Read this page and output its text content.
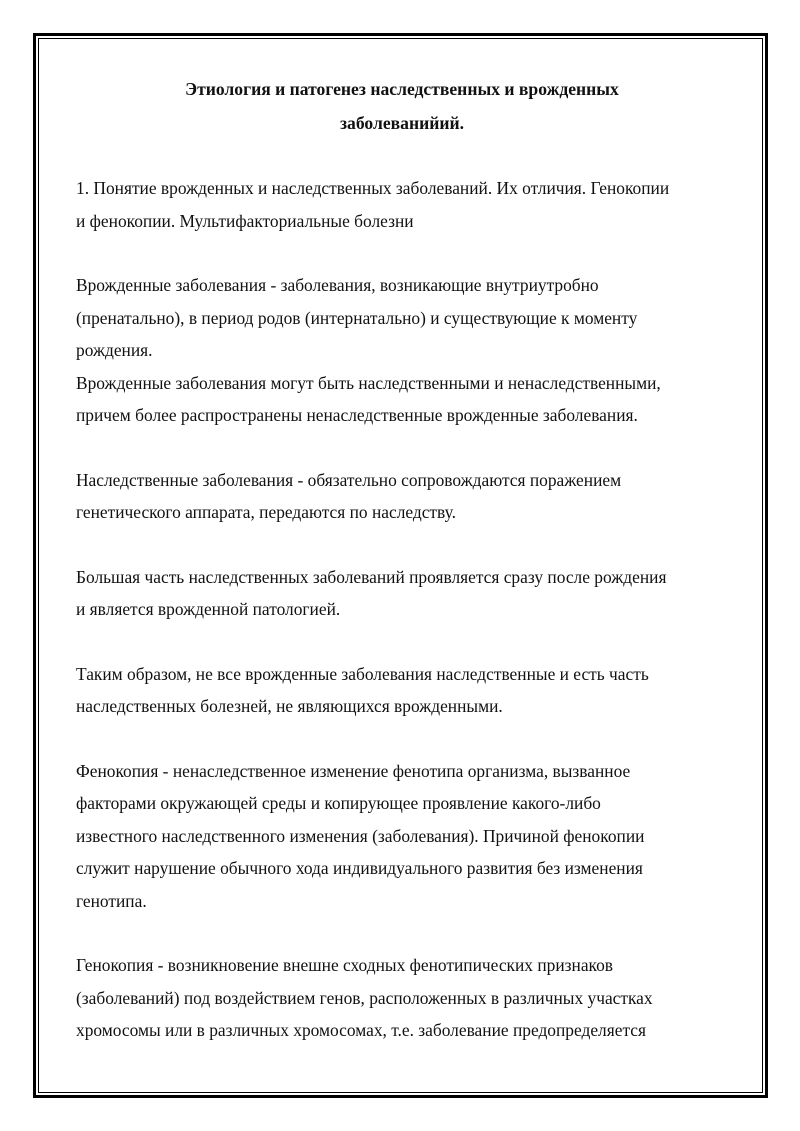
Этиология и патогенез наследственных и врожденных
заболеванийий.
1. Понятие врожденных и наследственных заболеваний. Их отличия. Генокопии
и фенокопии. Мультифакториальные болезни
Врожденные заболевания - заболевания, возникающие внутриутробно
(пренатально), в период родов (интернатально) и существующие к моменту
рождения.
Врожденные заболевания могут быть наследственными и ненаследственными,
причем более распространены ненаследственные врожденные заболевания.
Наследственные заболевания - обязательно сопровождаются поражением
генетического аппарата, передаются по наследству.
Большая часть наследственных заболеваний проявляется сразу после рождения
и является врожденной патологией.
Таким образом, не все врожденные заболевания наследственные и есть часть
наследственных болезней, не являющихся врожденными.
Фенокопия - ненаследственное изменение фенотипа организма, вызванное
факторами окружающей среды и копирующее проявление какого-либо
известного наследственного изменения (заболевания). Причиной фенокопии
служит нарушение обычного хода индивидуального развития без изменения
генотипа.
Генокопия - возникновение внешне сходных фенотипических признаков
(заболеваний) под воздействием генов, расположенных в различных участках
хромосомы или в различных хромосомах, т.е. заболевание предопределяется
